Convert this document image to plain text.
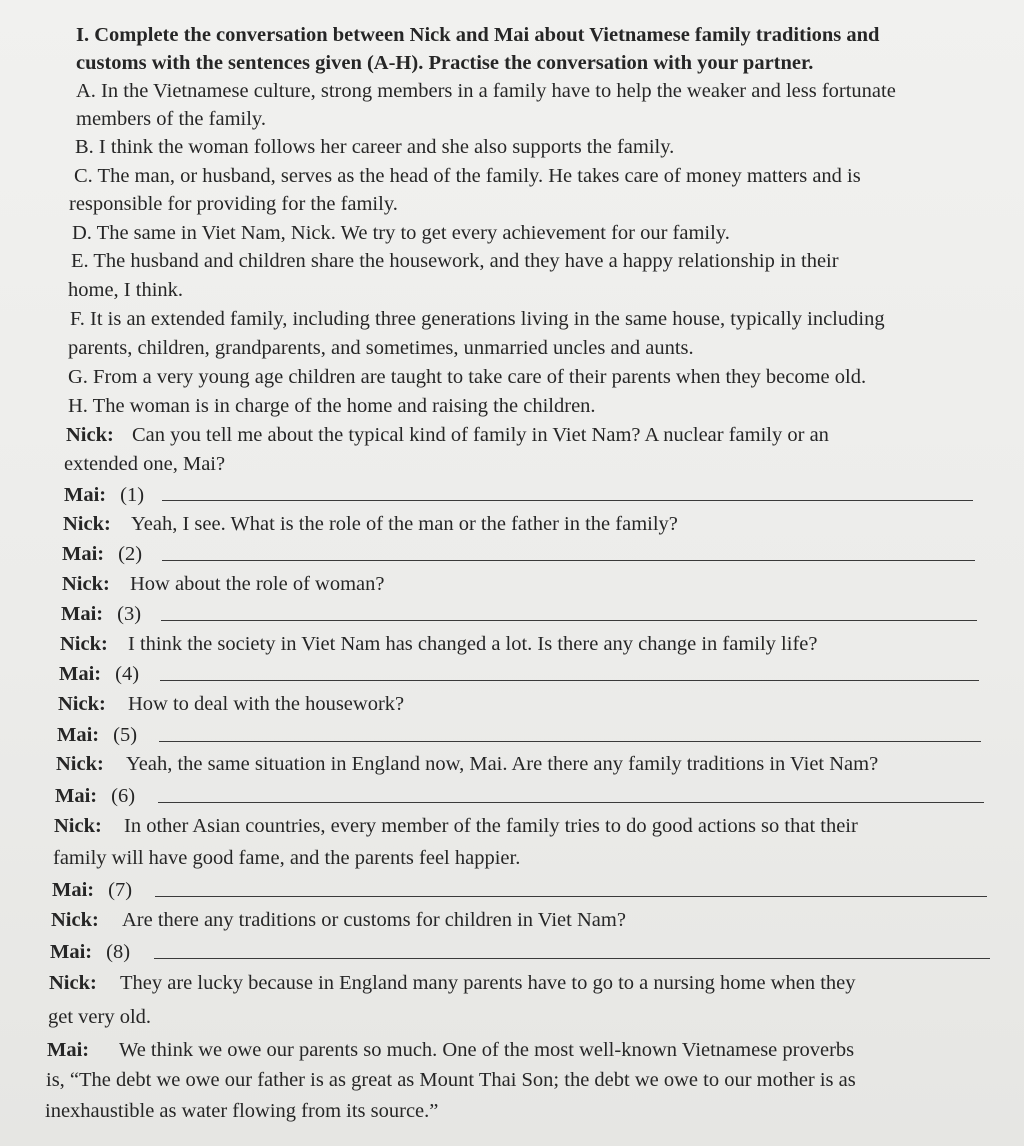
I. Complete the conversation between Nick and Mai about Vietnamese family traditions and
customs with the sentences given (A-H). Practise the conversation with your partner.
A. In the Vietnamese culture, strong members in a family have to help the weaker and less fortunate
members of the family.
B. I think the woman follows her career and she also supports the family.
C. The man, or husband, serves as the head of the family. He takes care of money matters and is
responsible for providing for the family.
D. The same in Viet Nam, Nick. We try to get every achievement for our family.
E. The husband and children share the housework, and they have a happy relationship in their
home, I think.
F. It is an extended family, including three generations living in the same house, typically including
parents, children, grandparents, and sometimes, unmarried uncles and aunts.
G. From a very young age children are taught to take care of their parents when they become old.
H. The woman is in charge of the home and raising the children.
Nick: Can you tell me about the typical kind of family in Viet Nam? A nuclear family or an
extended one, Mai?
Mai: (1)
Nick: Yeah, I see. What is the role of the man or the father in the family?
Mai: (2)
Nick: How about the role of woman?
Mai: (3)
Nick: I think the society in Viet Nam has changed a lot. Is there any change in family life?
Mai: (4)
Nick: How to deal with the housework?
Mai: (5)
Nick: Yeah, the same situation in England now, Mai. Are there any family traditions in Viet Nam?
Mai: (6)
Nick: In other Asian countries, every member of the family tries to do good actions so that their
family will have good fame, and the parents feel happier.
Mai: (7)
Nick: Are there any traditions or customs for children in Viet Nam?
Mai: (8)
Nick: They are lucky because in England many parents have to go to a nursing home when they
get very old.
Mai: We think we owe our parents so much. One of the most well-known Vietnamese proverbs
is, “The debt we owe our father is as great as Mount Thai Son; the debt we owe to our mother is as
inexhaustible as water flowing from its source.”
